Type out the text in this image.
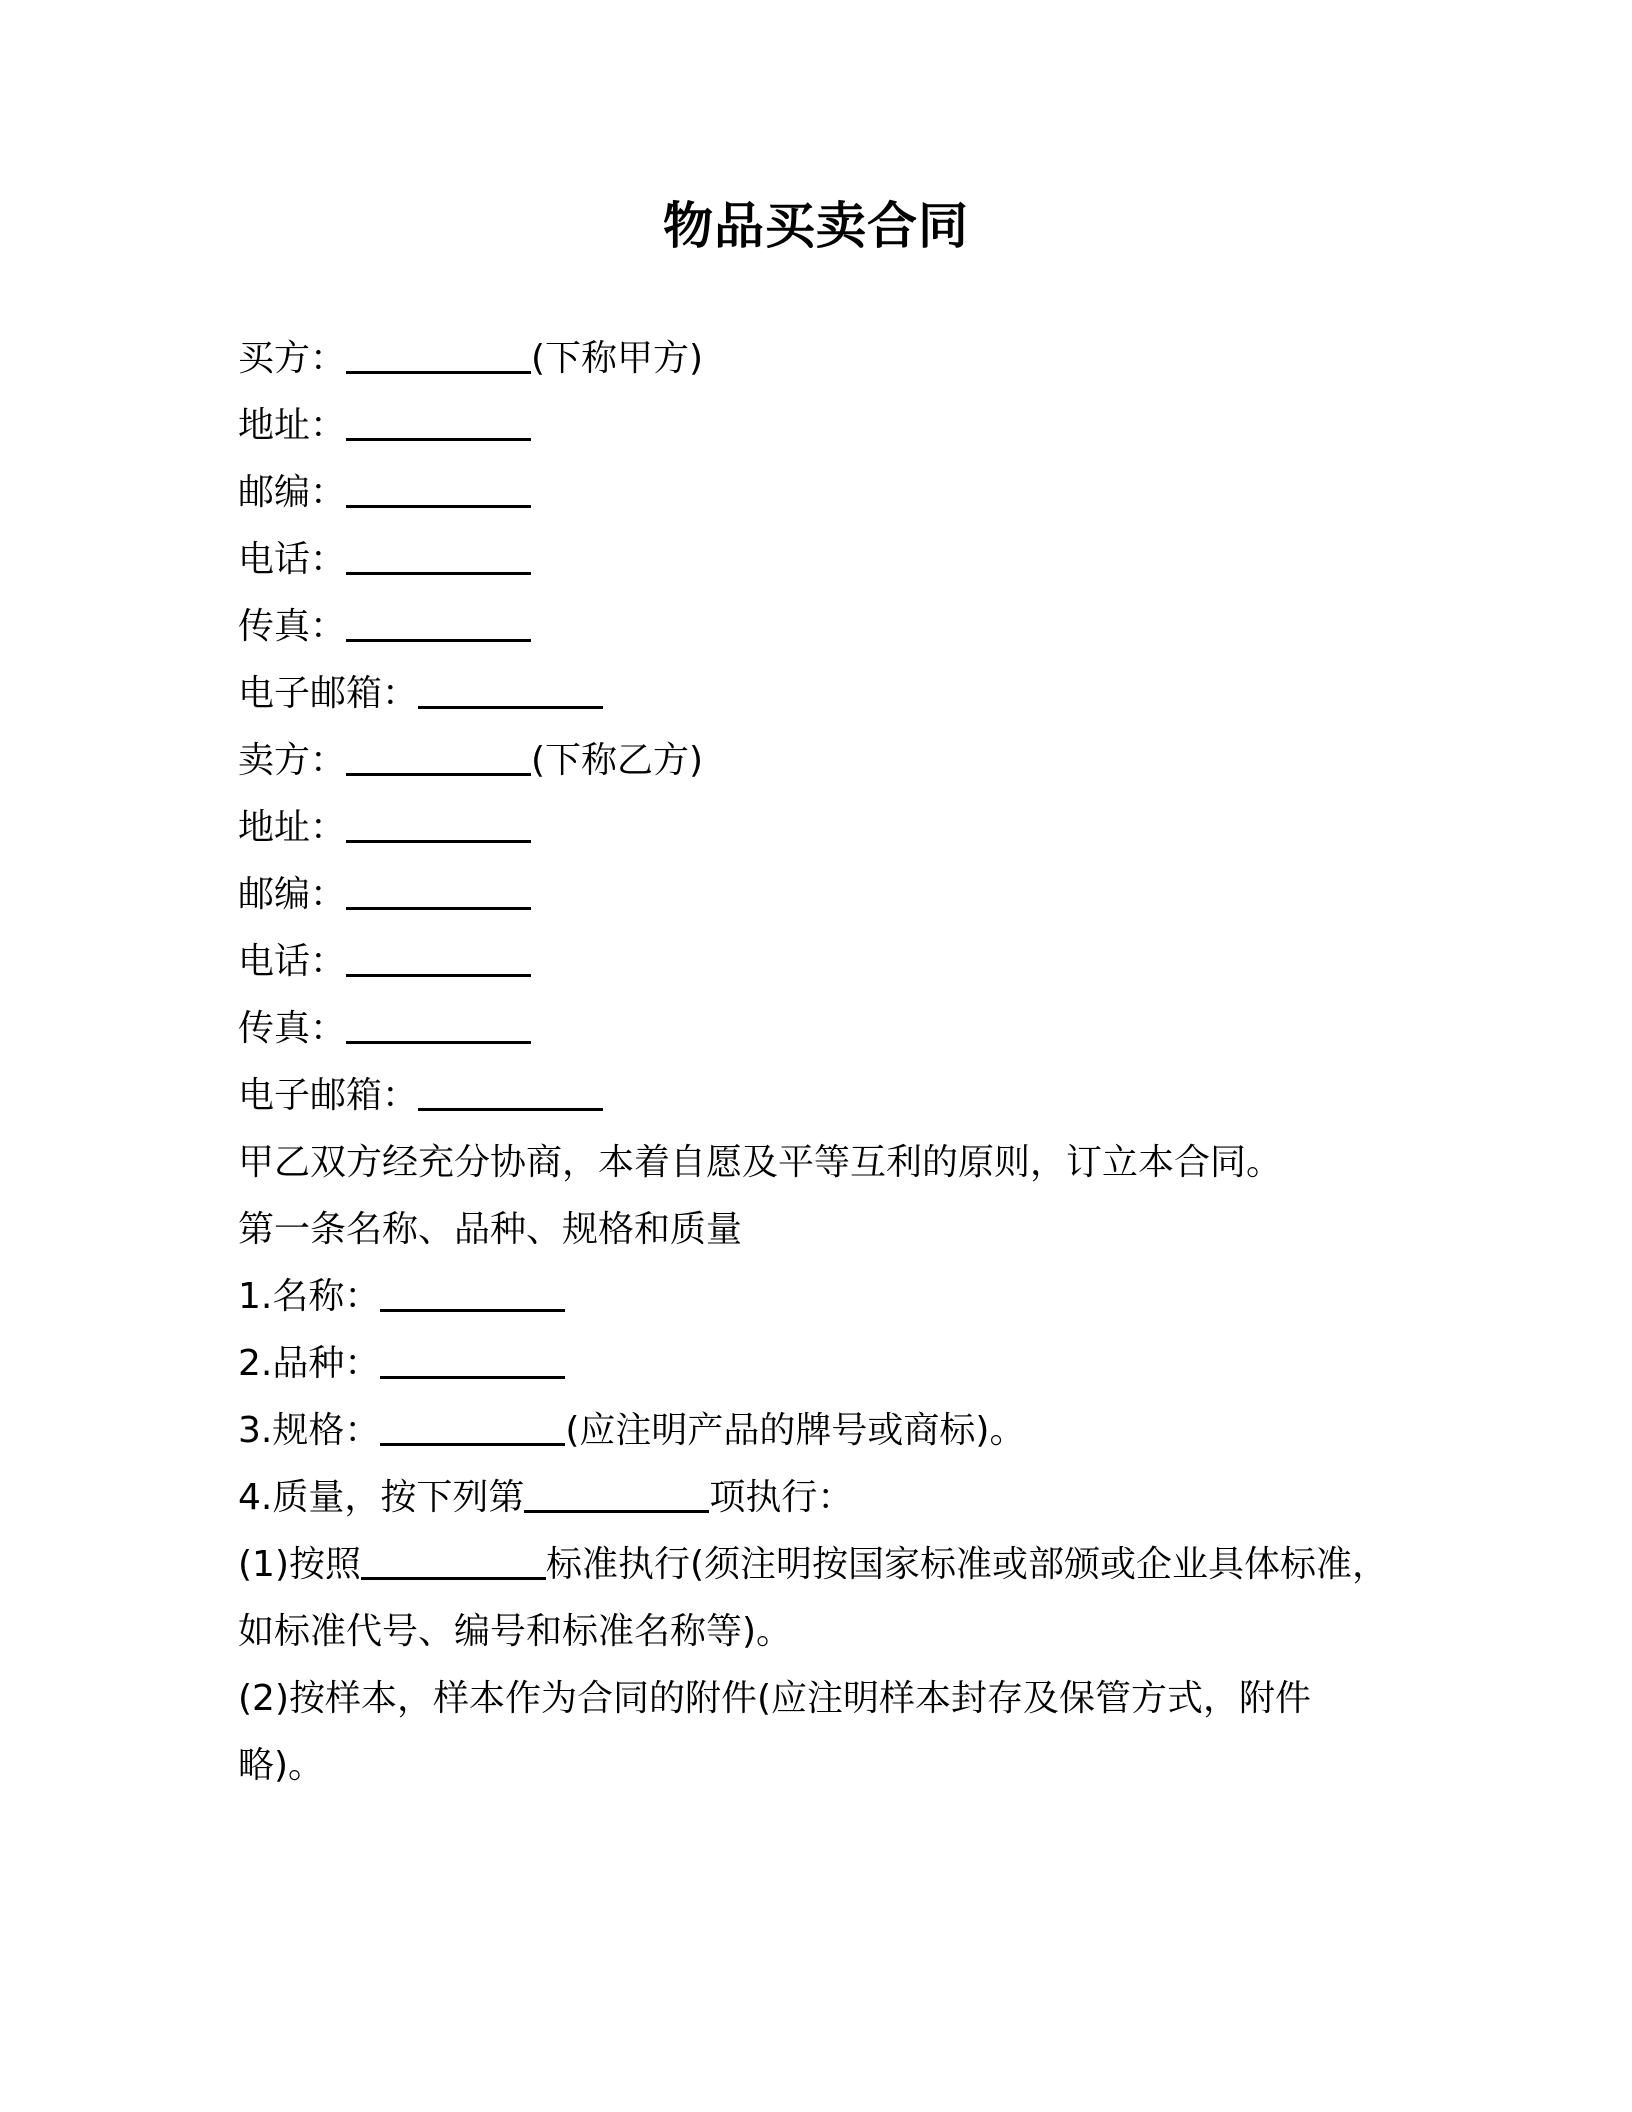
物品买卖合同
买方：	(下称甲方)
地址：
邮编：
电话：
传真：
电子邮箱：
卖方：	(下称乙方)
地址：
邮编：
电话：
传真：
电子邮箱：
甲乙双方经充分协商，本着自愿及平等互利的原则，订立本合同。
第一条名称、品种、规格和质量
1.名称：
2.品种：
3.规格：	(应注明产品的牌号或商标)。
4.质量，按下列第	项执行：
(1)按照	标准执行(须注明按国家标准或部颁或企业具体标准，
如标准代号、编号和标准名称等)。
(2)按样本，样本作为合同的附件(应注明样本封存及保管方式，附件
略)。
